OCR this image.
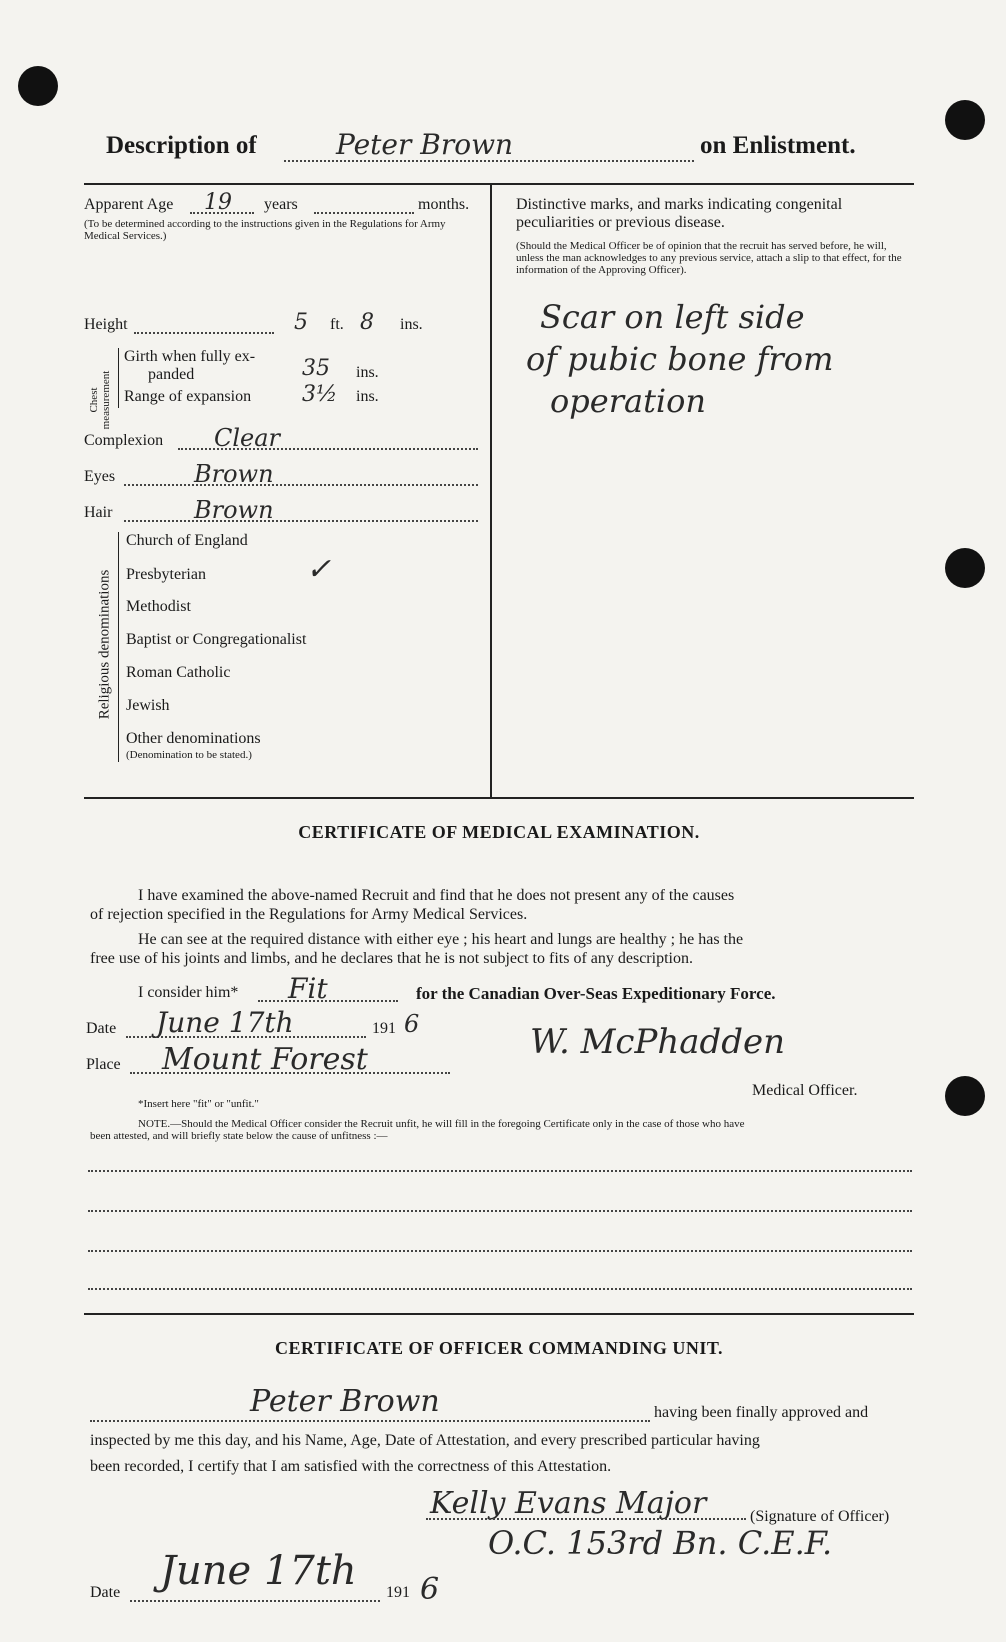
Description of	Peter Brown	on Enlistment.
Apparent Age 19 years	months.
(To be determined according to the instructions given in the Regulations for Army Medical Services.)
Height	5 ft. 8 ins.
Chest measurement
Girth when fully ex-
panded	35 ins.
Range of expansion 3½ ins.
Complexion Clear
Eyes	Brown
Hair	Brown
Religious denominations
Church of England
Presbyterian	✓
Methodist
Baptist or Congregationalist
Roman Catholic
Jewish
Other denominations
(Denomination to be stated.)
Distinctive marks, and marks indicating congenital
peculiarities or previous disease.
(Should the Medical Officer be of opinion that the recruit has served before, he will, unless the man acknowledges to any previous service, attach a slip to that effect, for the information of the Approving Officer).
Scar on left side
of pubic bone from
operation
CERTIFICATE OF MEDICAL EXAMINATION.
I have examined the above-named Recruit and find that he does not present any of the causes
of rejection specified in the Regulations for Army Medical Services.
He can see at the required distance with either eye ; his heart and lungs are healthy ; he has the
free use of his joints and limbs, and he declares that he is not subject to fits of any description.
I consider him* Fit	for the Canadian Over-Seas Expeditionary Force.
Date June 17th	191 6
Place Mount Forest	W. McPhadden
Medical Officer.
*Insert here "fit" or "unfit."
NOTE.—Should the Medical Officer consider the Recruit unfit, he will fill in the foregoing Certificate only in the case of those who have
been attested, and will briefly state below the cause of unfitness :—
CERTIFICATE OF OFFICER COMMANDING UNIT.
Peter Brown	having been finally approved and
inspected by me this day, and his Name, Age, Date of Attestation, and every prescribed particular having
been recorded, I certify that I am satisfied with the correctness of this Attestation.
Kelly Evans Major	(Signature of Officer)
O.C. 153rd Bn. C.E.F.
Date June 17th 191 6
